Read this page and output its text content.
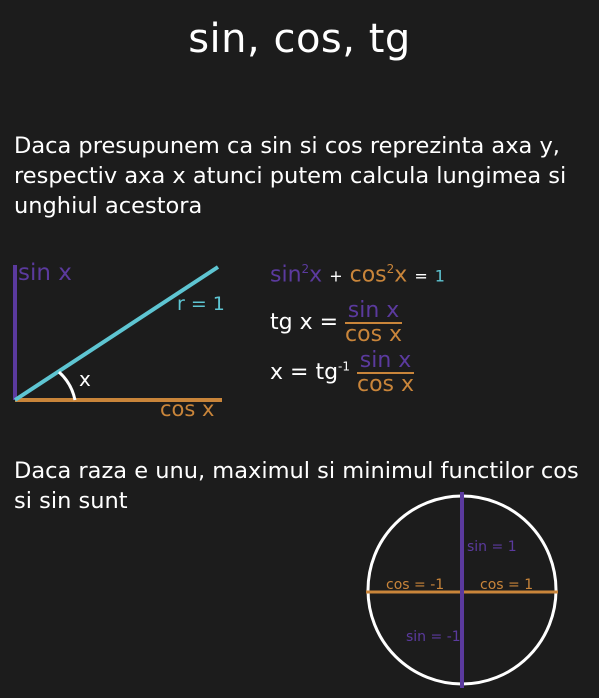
sin, cos, tg
Daca presupunem ca sin si cos reprezinta axa y, respectiv axa x atunci putem calcula lungimea si unghiul acestora
sin x
r = 1
x
cos x
$\sin^2x + \cos^2x = 1$
tg $x = \frac{\text{sin x}}{\text{cos x}}$
$x = tg^{-1} \frac{\text{sin x}}{\text{cos x}}$
Daca raza e unu, maximul si minimul functilor cos si sin sunt
sin = 1
cos = -1	cos = 1
sin = -1
